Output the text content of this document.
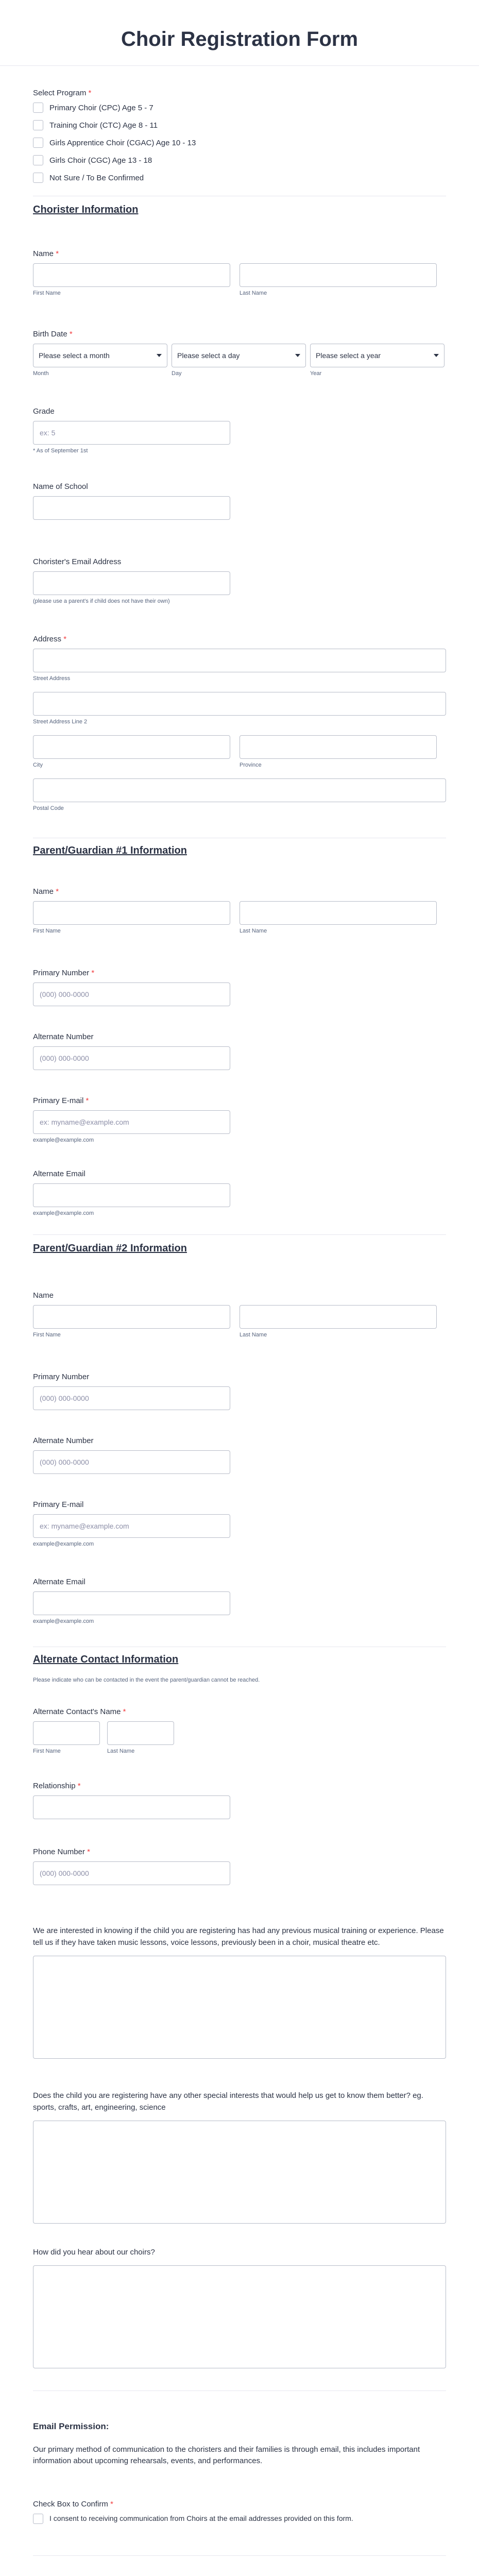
Choir Registration Form
Select Program *
Primary Choir (CPC) Age 5 - 7
Training Choir (CTC) Age 8 - 11
Girls Apprentice Choir (CGAC) Age 10 - 13
Girls Choir (CGC) Age 13 - 18
Not Sure / To Be Confirmed
Chorister Information
Name *
First Name	Last Name
Birth Date *
Please select a month
Month
Please select a day
Day
Please select a year
Year
Grade
ex: 5
* As of September 1st
Name of School
Chorister's Email Address
(please use a parent's if child does not have their own)
Address *
Street Address
Street Address Line 2
City	Province
Postal Code
Parent/Guardian #1 Information
Name *
First Name	Last Name
Primary Number *
(000) 000-0000
Alternate Number
(000) 000-0000
Primary E-mail *
ex: myname@example.com
example@example.com
Alternate Email
example@example.com
Parent/Guardian #2 Information
Name
First Name	Last Name
Primary Number
(000) 000-0000
Alternate Number
(000) 000-0000
Primary E-mail
ex: myname@example.com
example@example.com
Alternate Email
example@example.com
Alternate Contact Information
Please indicate who can be contacted in the event the parent/guardian cannot be reached.
Alternate Contact's Name *
First Name	Last Name
Relationship *
Phone Number *
(000) 000-0000
We are interested in knowing if the child you are registering has had any previous musical training or experience. Please tell us if they have taken music lessons, voice lessons, previously been in a choir, musical theatre etc.
Does the child you are registering have any other special interests that would help us get to know them better? eg. sports, crafts, art, engineering, science
How did you hear about our choirs?
Email Permission:
Our primary method of communication to the choristers and their families is through email, this includes important information about upcoming rehearsals, events, and performances.
Check Box to Confirm *
I consent to receiving communication from Choirs at the email addresses provided on this form.
